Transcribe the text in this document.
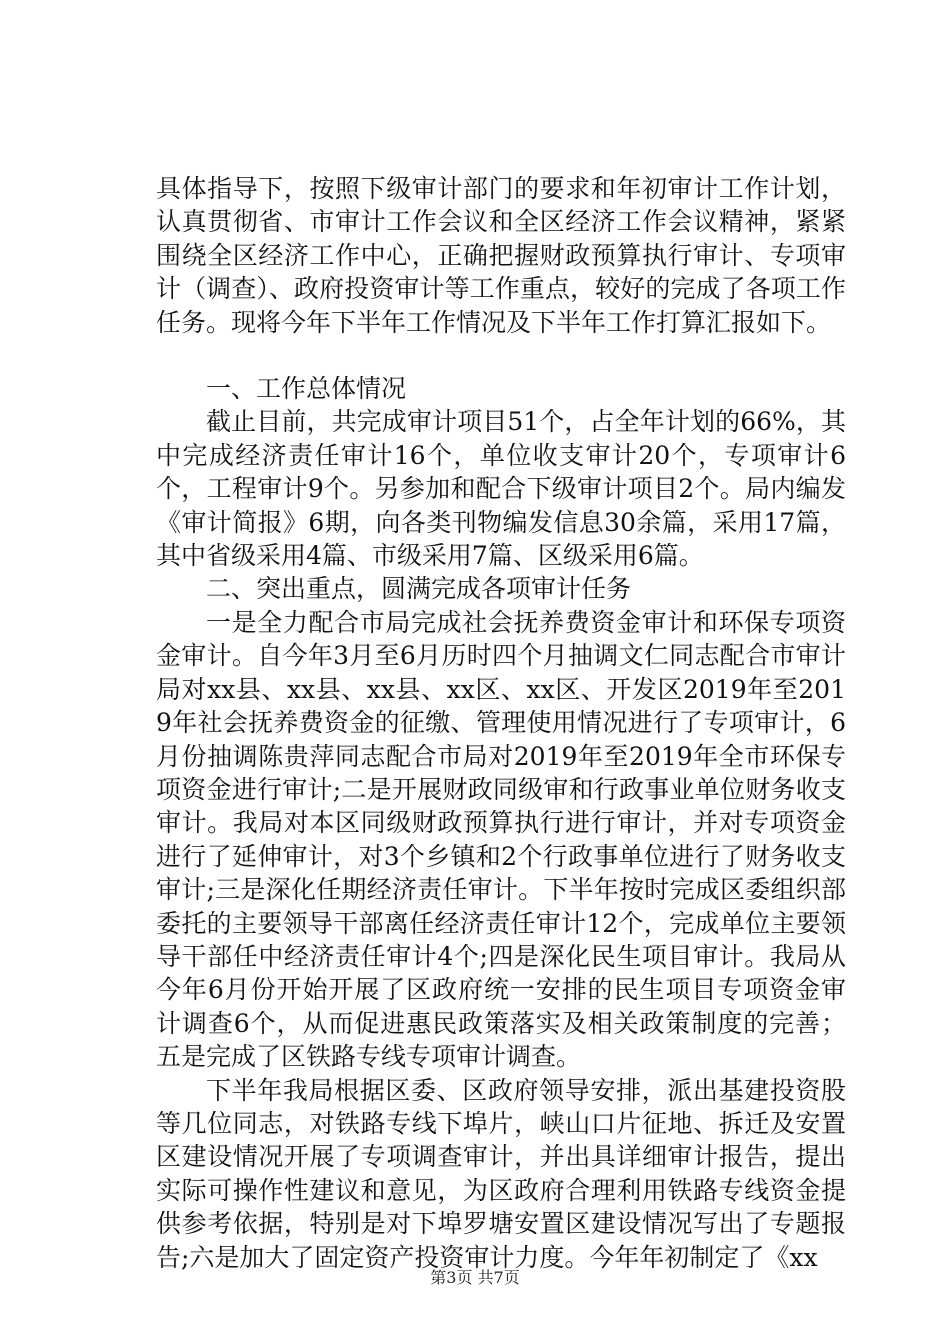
具体指导下，按照下级审计部门的要求和年初审计工作计划，认真贯彻省、市审计工作会议和全区经济工作会议精神，紧紧围绕全区经济工作中心，正确把握财政预算执行审计、专项审计（调查）、政府投资审计等工作重点，较好的完成了各项工作任务。现将今年下半年工作情况及下半年工作打算汇报如下。

一、工作总体情况

截止目前，共完成审计项目51个，占全年计划的66%，其中完成经济责任审计16个，单位收支审计20个，专项审计6个，工程审计9个。另参加和配合下级审计项目2个。局内编发《审计简报》6期，向各类刊物编发信息30余篇，采用17篇，其中省级采用4篇、市级采用7篇、区级采用6篇。

二、突出重点，圆满完成各项审计任务

一是全力配合市局完成社会抚养费资金审计和环保专项资金审计。自今年3月至6月历时四个月抽调文仁同志配合市审计局对xx县、xx县、xx县、xx区、xx区、开发区2019年至2019年社会抚养费资金的征缴、管理使用情况进行了专项审计，6月份抽调陈贵萍同志配合市局对2019年至2019年全市环保专项资金进行审计;二是开展财政同级审和行政事业单位财务收支审计。我局对本区同级财政预算执行进行审计，并对专项资金进行了延伸审计，对3个乡镇和2个行政事单位进行了财务收支审计;三是深化任期经济责任审计。下半年按时完成区委组织部委托的主要领导干部离任经济责任审计12个，完成单位主要领导干部任中经济责任审计4个;四是深化民生项目审计。我局从今年6月份开始开展了区政府统一安排的民生项目专项资金审计调查6个，从而促进惠民政策落实及相关政策制度的完善；五是完成了区铁路专线专项审计调查。

下半年我局根据区委、区政府领导安排，派出基建投资股等几位同志，对铁路专线下埠片，峡山口片征地、拆迁及安置区建设情况开展了专项调查审计，并出具详细审计报告，提出实际可操作性建议和意见，为区政府合理利用铁路专线资金提供参考依据，特别是对下埠罗塘安置区建设情况写出了专题报告;六是加大了固定资产投资审计力度。今年年初制定了《xx

第3页 共7页
